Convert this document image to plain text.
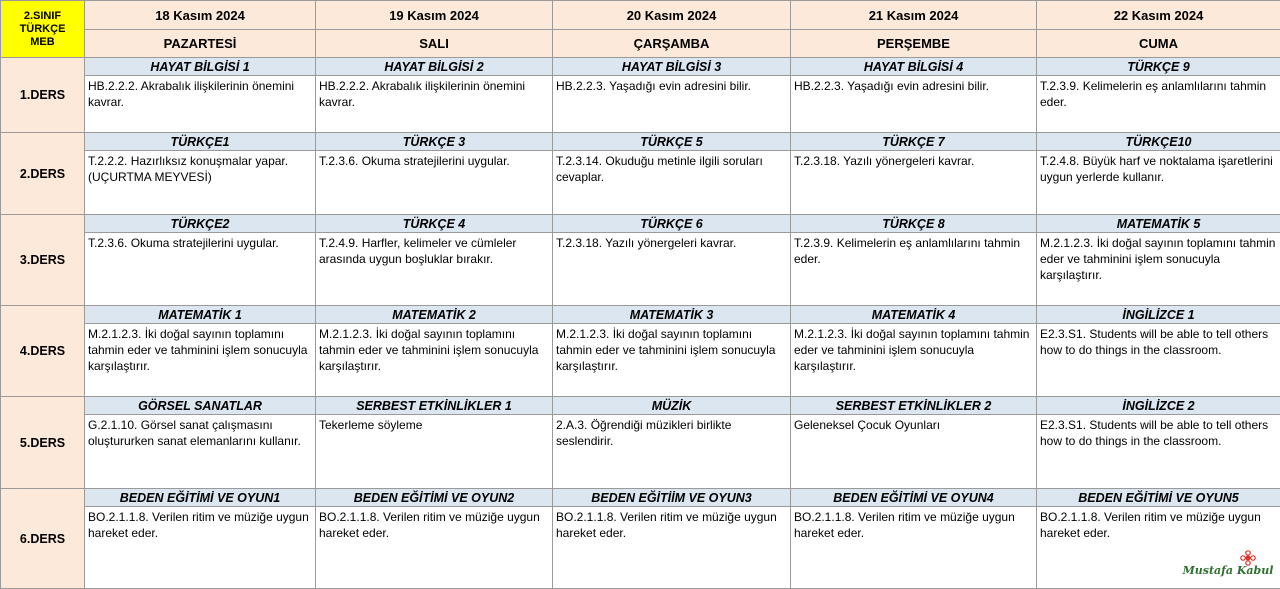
2.SINIF
TÜRKÇE
MEB	18 Kasım 2024	19 Kasım 2024	20 Kasım 2024	21 Kasım 2024	22 Kasım 2024
	PAZARTESİ	SALI	ÇARŞAMBA	PERŞEMBE	CUMA
1.DERS	HAYAT BİLGİSİ 1	HAYAT BİLGİSİ 2	HAYAT BİLGİSİ 3	HAYAT BİLGİSİ 4	TÜRKÇE 9

	HB.2.2.2. Akrabalık ilişkilerinin önemini kavrar.	HB.2.2.2. Akrabalık ilişkilerinin önemini kavrar.	HB.2.2.3. Yaşadığı evin adresini bilir.	HB.2.2.3. Yaşadığı evin adresini bilir.	T.2.3.9. Kelimelerin eş anlamlılarını tahmin eder.

2.DERS	TÜRKÇE1	TÜRKÇE 3	TÜRKÇE 5	TÜRKÇE 7	TÜRKÇE10

	T.2.2.2. Hazırlıksız konuşmalar yapar.(UÇURTMA MEYVESİ)	T.2.3.6. Okuma stratejilerini uygular.	T.2.3.14. Okuduğu metinle ilgili soruları cevaplar.	T.2.3.18. Yazılı yönergeleri kavrar.	T.2.4.8. Büyük harf ve noktalama işaretlerini uygun yerlerde kullanır.

3.DERS	TÜRKÇE2	TÜRKÇE 4	TÜRKÇE 6	TÜRKÇE 8	MATEMATİK 5

	T.2.3.6. Okuma stratejilerini uygular.	T.2.4.9. Harfler, kelimeler ve cümleler arasında uygun boşluklar bırakır.	T.2.3.18. Yazılı yönergeleri kavrar.	T.2.3.9. Kelimelerin eş anlamlılarını tahmin eder.	M.2.1.2.3. İki doğal sayının toplamını tahmin eder ve tahminini işlem sonucuyla karşılaştırır.

4.DERS	MATEMATİK 1	MATEMATİK 2	MATEMATİK 3	MATEMATİK 4	İNGİLİZCE 1

	M.2.1.2.3. İki doğal sayının toplamını tahmin eder ve tahminini işlem sonucuyla karşılaştırır.	M.2.1.2.3. İki doğal sayının toplamını tahmin eder ve tahminini işlem sonucuyla karşılaştırır.	M.2.1.2.3. İki doğal sayının toplamını tahmin eder ve tahminini işlem sonucuyla karşılaştırır.	M.2.1.2.3. İki doğal sayının toplamını tahmin eder ve tahminini işlem sonucuyla karşılaştırır.	E2.3.S1. Students will be able to tell others how to do things in the classroom.

5.DERS	GÖRSEL SANATLAR	SERBEST ETKİNLİKLER 1	MÜZİK	SERBEST ETKİNLİKLER 2	İNGİLİZCE 2

	G.2.1.10. Görsel sanat çalışmasını oluştururken sanat elemanlarını kullanır.	Tekerleme söyleme	2.A.3. Öğrendiği müzikleri birlikte seslendirir.	Geleneksel Çocuk Oyunları	E2.3.S1. Students will be able to tell others how to do things in the classroom.

6.DERS	BEDEN EĞİTİMİ VE OYUN1	BEDEN EĞİTİMİ VE OYUN2	BEDEN EĞİTİİM VE OYUN3	BEDEN EĞİTİMİ VE OYUN4	BEDEN EĞİTİMİ VE OYUN5

	BO.2.1.1.8. Verilen ritim ve müziğe uygun hareket eder.	BO.2.1.1.8. Verilen ritim ve müziğe uygun hareket eder.	BO.2.1.1.8. Verilen ritim ve müziğe uygun hareket eder.	BO.2.1.1.8. Verilen ritim ve müziğe uygun hareket eder.	BO.2.1.1.8. Verilen ritim ve müziğe uygun hareket eder.
Mustafa Kabul
